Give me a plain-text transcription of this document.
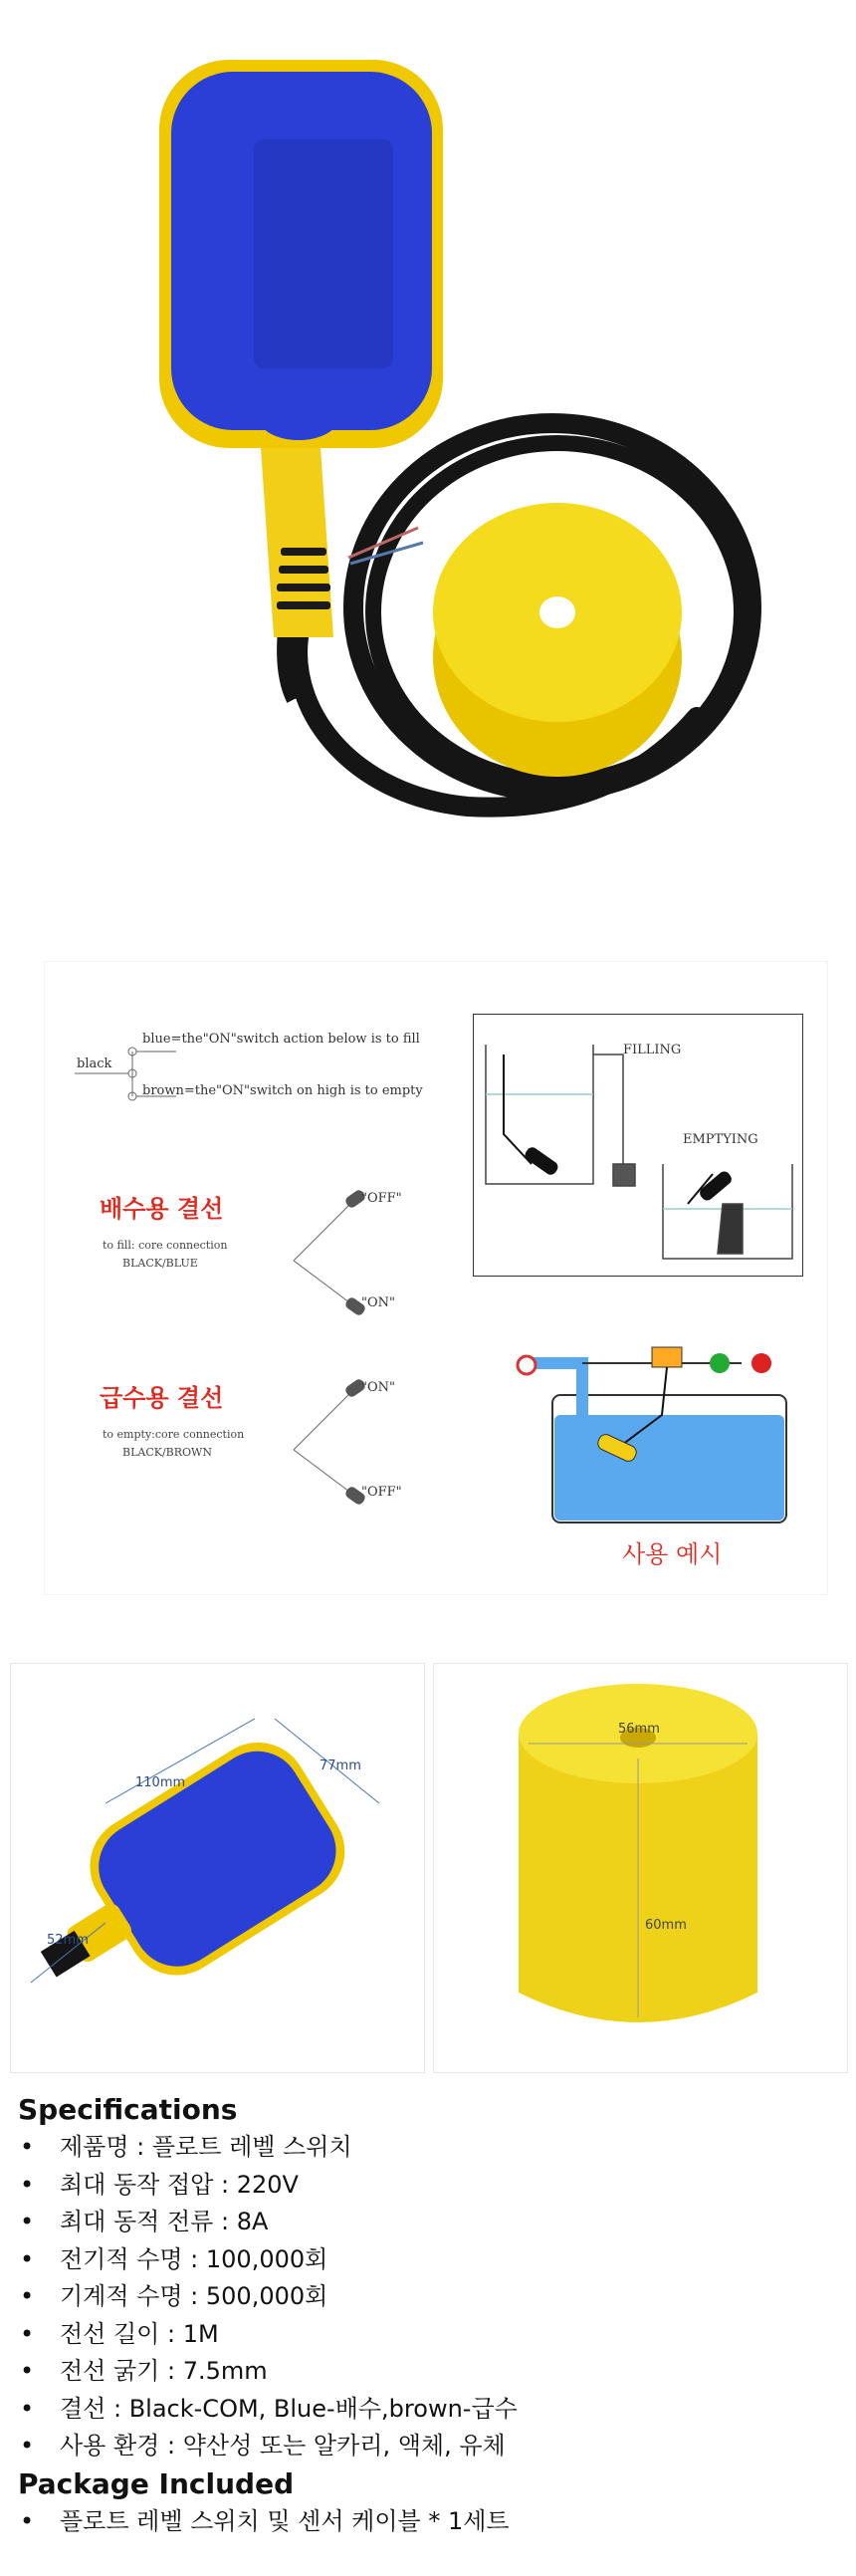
black
blue=the"ON"switch action below is to fill
brown=the"ON"switch on high is to empty
배수용 결선
to fill: core connection
BLACK/BLUE
"OFF"
"ON"
급수용 결선
to empty:core connection
BLACK/BROWN
"ON"
"OFF"
FILLING
EMPTYING
사용 예시
110mm
77mm
52mm
56mm
60mm

Specifications

• 제품명 : 플로트 레벨 스위치
• 최대 동작 접압 : 220V
• 최대 동적 전류 : 8A
• 전기적 수명 : 100,000회
• 기계적 수명 : 500,000회
• 전선 길이 : 1M
• 전선 굵기 : 7.5mm
• 결선 : Black-COM, Blue-배수,brown-급수
• 사용 환경 : 약산성 또는 알카리, 액체, 유체

Package Included

• 플로트 레벨 스위치 및 센서 케이블 * 1세트
